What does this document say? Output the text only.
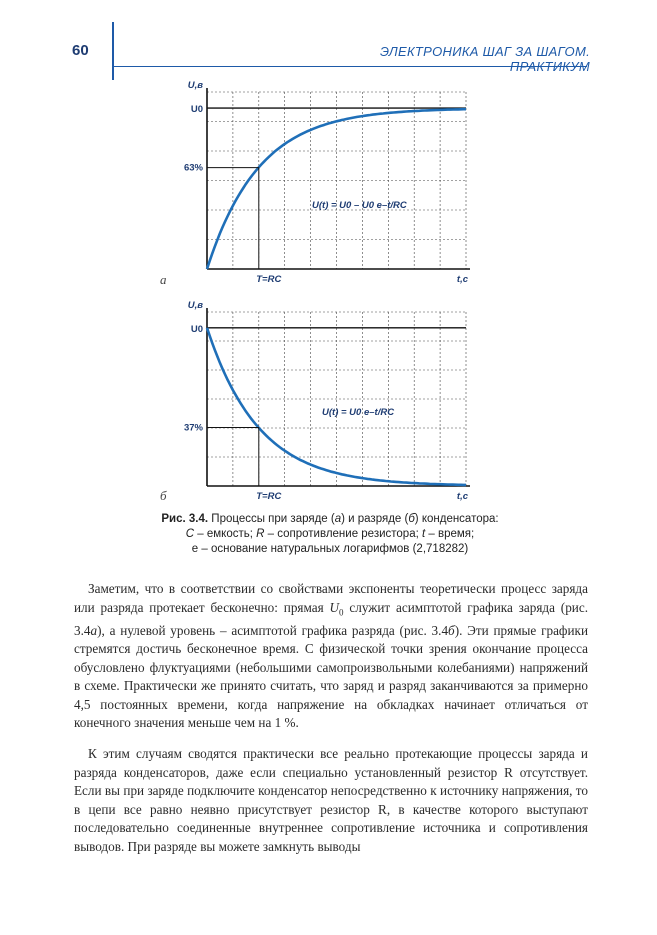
60	ЭЛЕКТРОНИКА ШАГ ЗА ШАГОМ. ПРАКТИКУМ
U,в
U0
63%
U(t) = U0 – U0 e–t/RC
T=RC	t,с
а
U,в
U0
37%
U(t) = U0 e–t/RC
T=RC	t,с
б
Рис. 3.4. Процессы при заряде (а) и разряде (б) конденсатора:
С – емкость; R – сопротивление резистора; t – время;
e – основание натуральных логарифмов (2,718282)
Заметим, что в соответствии со свойствами экспоненты теоретически процесс заряда или разряда протекает бесконечно: прямая $U_0$ служит асимптотой графика заряда (рис. 3.4а), а нулевой уровень – асимптотой графика разряда (рис. 3.4б). Эти прямые графики стремятся достичь бесконечное время. С физической точки зрения окончание процесса обусловлено флуктуациями (небольшими самопроизвольными колебаниями) напряжений в схеме. Практически же принято считать, что заряд и разряд заканчиваются за примерно 4,5 постоянных времени, когда напряжение на обкладках начинает отличаться от конечного значения меньше чем на 1 %.
К этим случаям сводятся практически все реально протекающие процессы заряда и разряда конденсаторов, даже если специально установленный резистор R отсутствует. Если вы при заряде подключите конденсатор непосредственно к источнику напряжения, то в цепи все равно неявно присутствует резистор R, в качестве которого выступают последовательно соединенные внутреннее сопротивление источника и сопротивления выводов. При разряде вы можете замкнуть выводы
